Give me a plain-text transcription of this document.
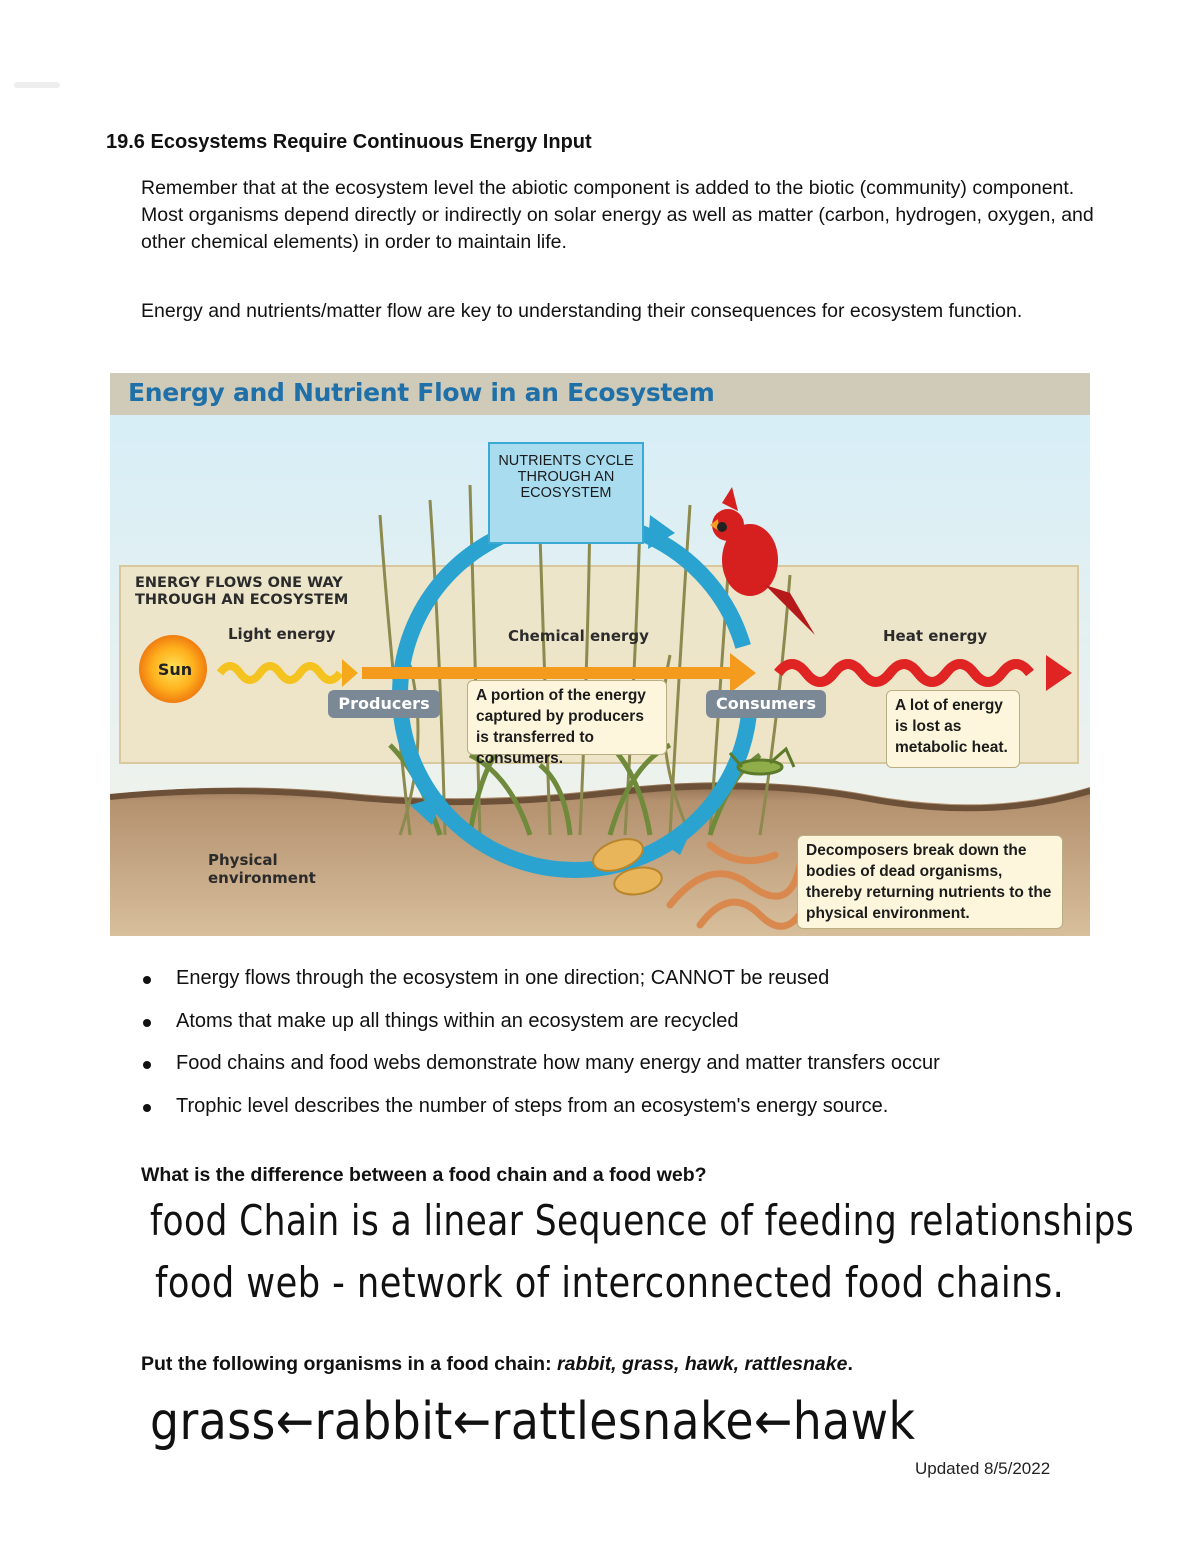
19.6 Ecosystems Require Continuous Energy Input

Remember that at the ecosystem level the abiotic component is added to the biotic (community) component. Most organisms depend directly or indirectly on solar energy as well as matter (carbon, hydrogen, oxygen, and other chemical elements) in order to maintain life.

Energy and nutrients/matter flow are key to understanding their consequences for ecosystem function.

Energy and Nutrient Flow in an Ecosystem
NUTRIENTS CYCLE THROUGH AN ECOSYSTEM
ENERGY FLOWS ONE WAY THROUGH AN ECOSYSTEM
Sun
Light energy	Chemical energy	Heat energy
Producers	Consumers
A portion of the energy captured by producers is transferred to consumers.
A lot of energy is lost as metabolic heat.
Physical environment
Decomposers break down the bodies of dead organisms, thereby returning nutrients to the physical environment.
Energy flows through the ecosystem in one direction; CANNOT be reused
Atoms that make up all things within an ecosystem are recycled
Food chains and food webs demonstrate how many energy and matter transfers occur
Trophic level describes the number of steps from an ecosystem's energy source.

What is the difference between a food chain and a food web?

food Chain is a linear Sequence of feeding relationships
food web - network of interconnected food chains.

Put the following organisms in a food chain: rabbit, grass, hawk, rattlesnake.

grass←rabbit←rattlesnake←hawk
Updated 8/5/2022
